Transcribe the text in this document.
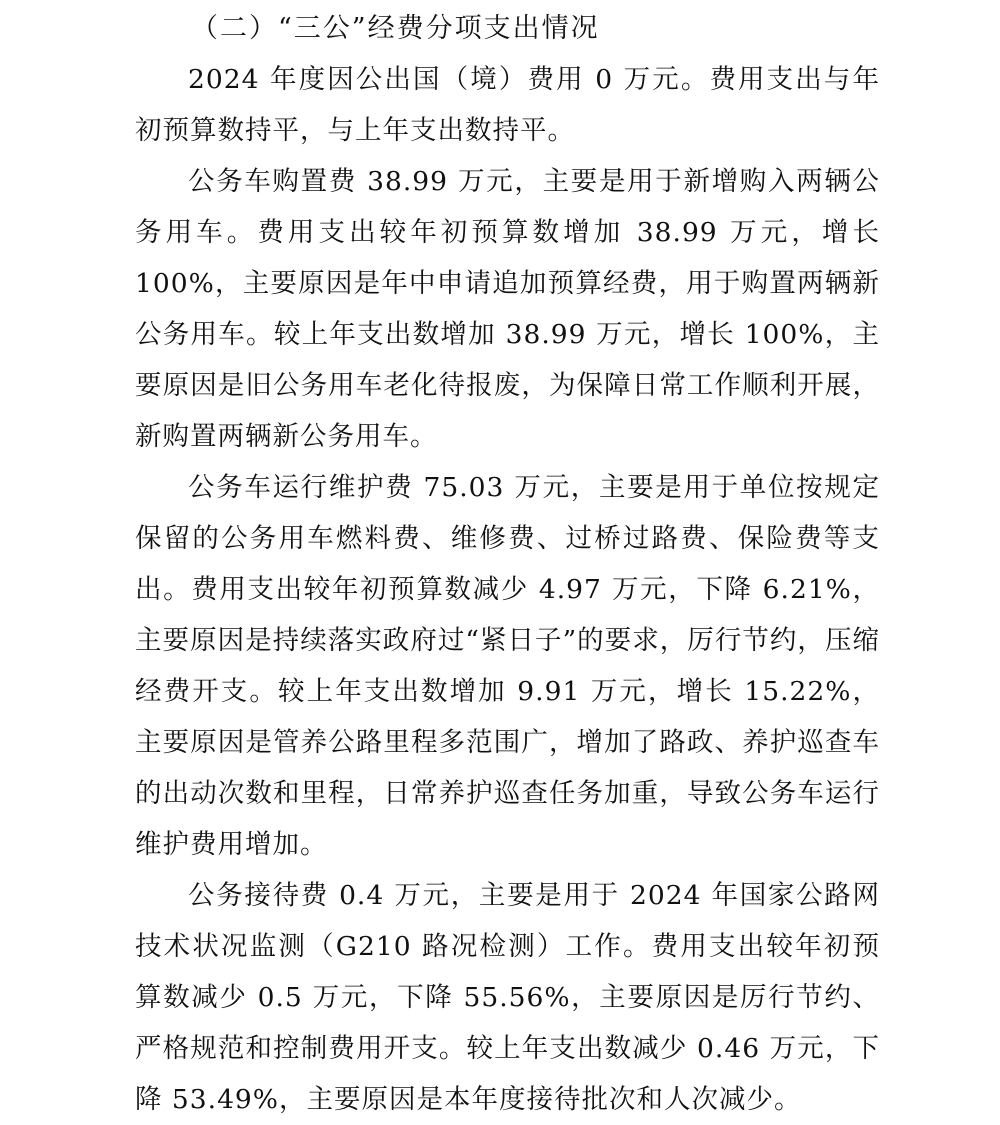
（二）“三公”经费分项支出情况

2024 年度因公出国（境）费用 0 万元。费用支出与年初预算数持平，与上年支出数持平。

公务车购置费 38.99 万元，主要是用于新增购入两辆公务用车。费用支出较年初预算数增加 38.99 万元，增长 100%，主要原因是年中申请追加预算经费，用于购置两辆新公务用车。较上年支出数增加 38.99 万元，增长 100%，主要原因是旧公务用车老化待报废，为保障日常工作顺利开展，新购置两辆新公务用车。

公务车运行维护费 75.03 万元，主要是用于单位按规定保留的公务用车燃料费、维修费、过桥过路费、保险费等支出。费用支出较年初预算数减少 4.97 万元，下降 6.21%，主要原因是持续落实政府过“紧日子”的要求，厉行节约，压缩经费开支。较上年支出数增加 9.91 万元，增长 15.22%，主要原因是管养公路里程多范围广，增加了路政、养护巡查车的出动次数和里程，日常养护巡查任务加重，导致公务车运行维护费用增加。

公务接待费 0.4 万元，主要是用于 2024 年国家公路网技术状况监测（G210 路况检测）工作。费用支出较年初预算数减少 0.5 万元，下降 55.56%，主要原因是厉行节约、严格规范和控制费用开支。较上年支出数减少 0.46 万元，下降 53.49%，主要原因是本年度接待批次和人次减少。
